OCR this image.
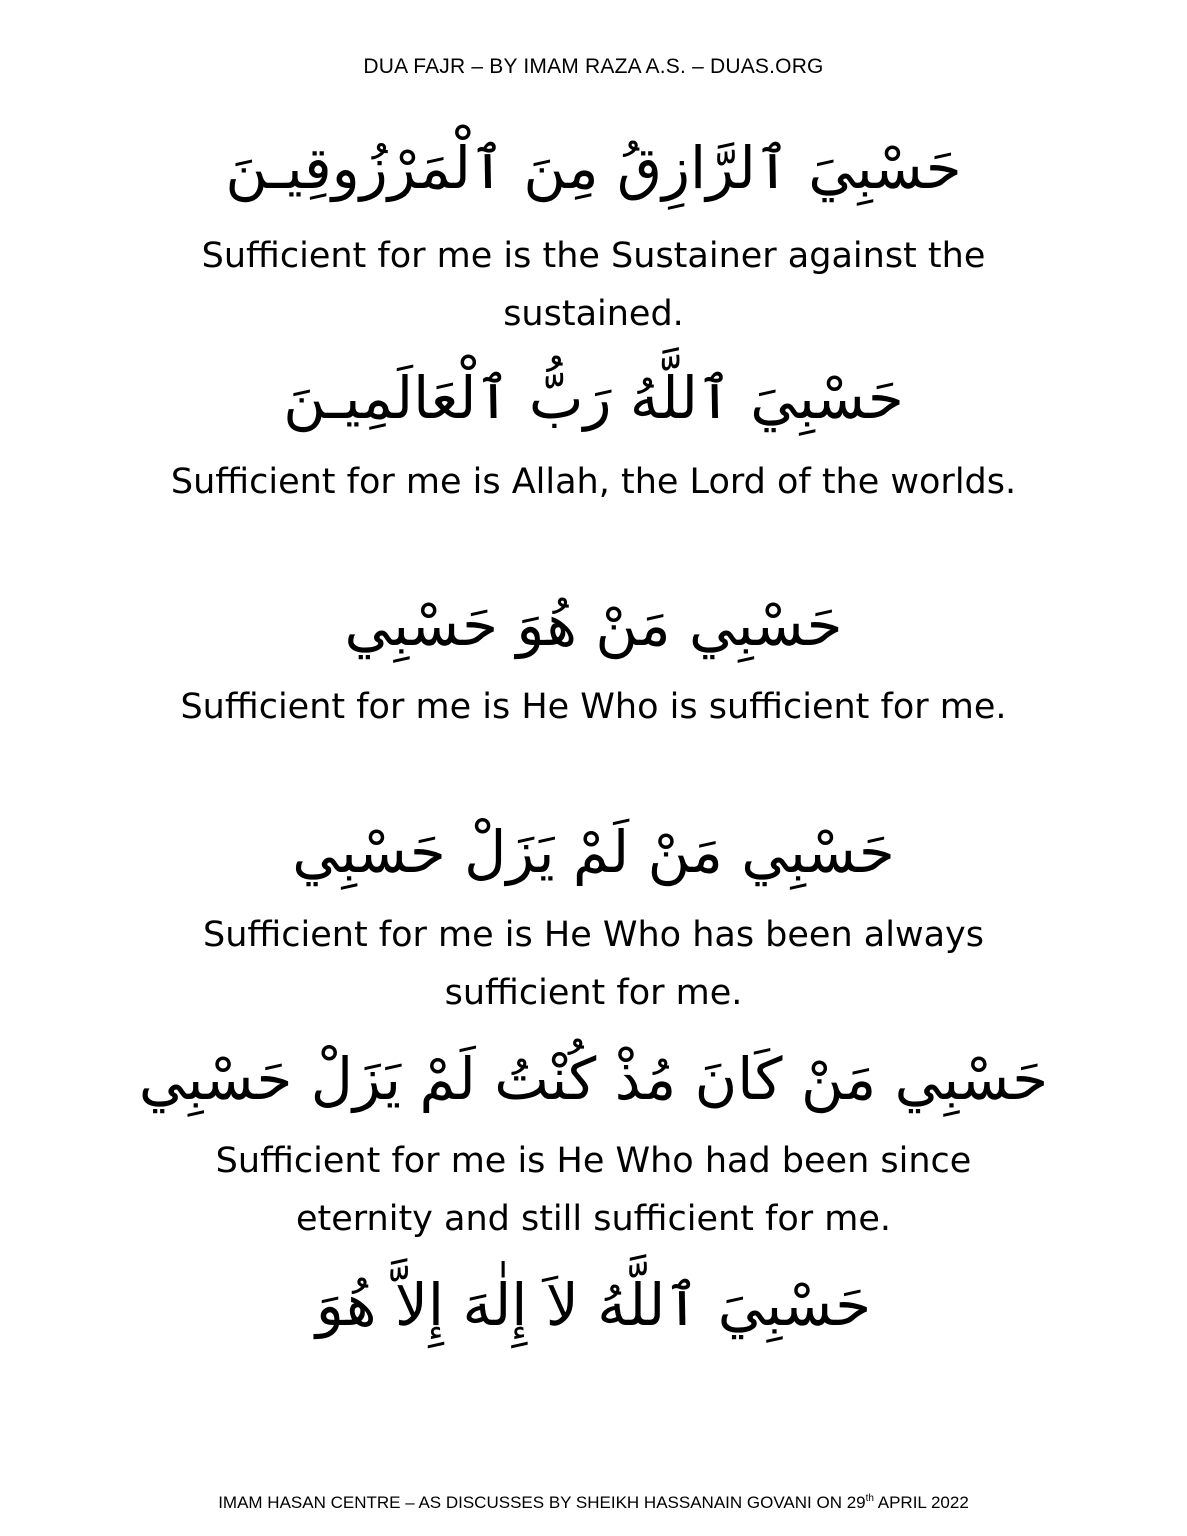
DUA FAJR – BY IMAM RAZA A.S. – DUAS.ORG
حَسْبِيَ ٱلرَّازِقُ مِنَ ٱلْمَرْزُوقِيـنَ
Sufficient for me is the Sustainer against the sustained.
حَسْبِيَ ٱللَّهُ رَبُّ ٱلْعَالَمِيـنَ
Sufficient for me is Allah, the Lord of the worlds.
حَسْبِي مَنْ هُوَ حَسْبِي
Sufficient for me is He Who is sufficient for me.
حَسْبِي مَنْ لَمْ يَزَلْ حَسْبِي
Sufficient for me is He Who has been always sufficient for me.
حَسْبِي مَنْ كَانَ مُذْ كُنْتُ لَمْ يَزَلْ حَسْبِي
Sufficient for me is He Who had been since eternity and still sufficient for me.
حَسْبِيَ ٱللَّهُ لاَ إِلٰهَ إِلاَّ هُوَ
IMAM HASAN CENTRE – AS DISCUSSES BY SHEIKH HASSANAIN GOVANI ON 29th APRIL 2022
